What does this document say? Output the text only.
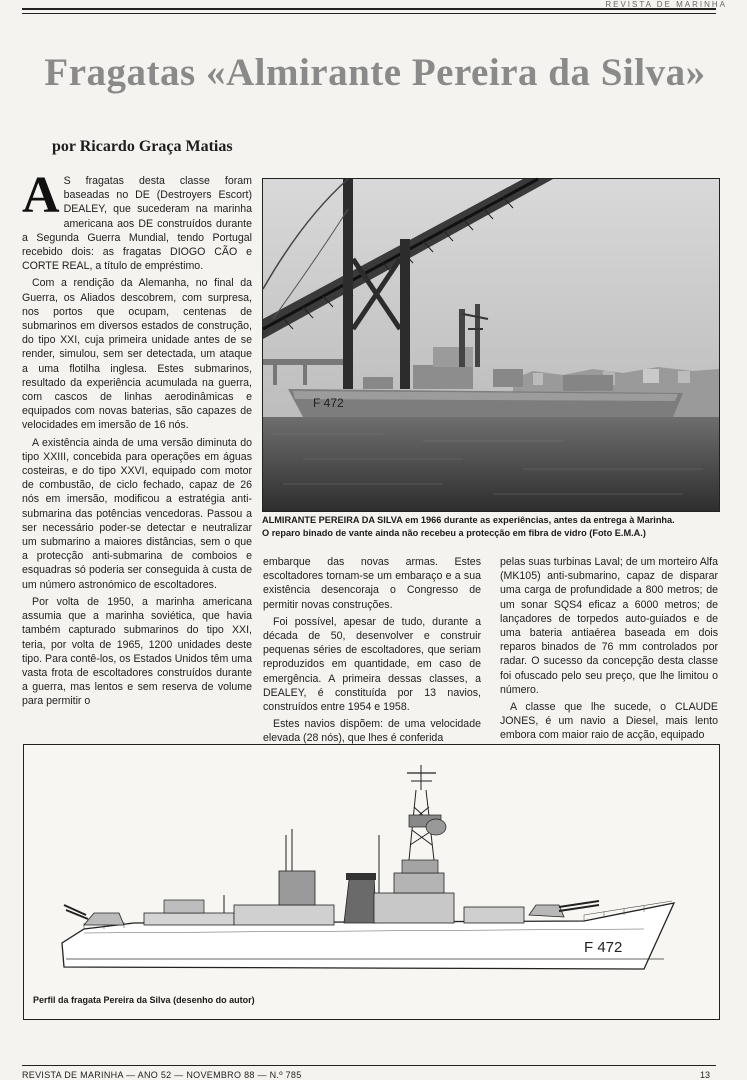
REVISTA DE MARINHA
Fragatas «Almirante Pereira da Silva»
por Ricardo Graça Matias

A S fragatas desta classe foram baseadas no DE (Destroyers Escort) DEALEY, que sucederam na marinha americana aos DE construídos durante a Segunda Guerra Mundial, tendo Portugal recebido dois: as fragatas DIOGO CÃO e CORTE REAL, a título de empréstimo.

Com a rendição da Alemanha, no final da Guerra, os Aliados descobrem, com surpresa, nos portos que ocupam, centenas de submarinos em diversos estados de construção, do tipo XXI, cuja primeira unidade antes de se render, simulou, sem ser detectada, um ataque a uma flotilha inglesa. Estes submarinos, resultado da experiência acumulada na guerra, com cascos de linhas aerodinâmicas e equipados com novas baterias, são capazes de velocidades em imersão de 16 nós.

A existência ainda de uma versão diminuta do tipo XXIII, concebida para operações em águas costeiras, e do tipo XXVI, equipado com motor de combustão, de ciclo fechado, capaz de 26 nós em imersão, modificou a estratégia anti-submarina das potências vencedoras. Passou a ser necessário poder-se detectar e neutralizar um submarino a maiores distâncias, sem o que a protecção anti-submarina de comboios e esquadras só poderia ser conseguida à custa de um número astronómico de escoltadores.

Por volta de 1950, a marinha americana assumia que a marinha soviética, que havia também capturado submarinos do tipo XXI, teria, por volta de 1965, 1200 unidades deste tipo. Para contê-los, os Estados Unidos têm uma vasta frota de escoltadores construídos durante a guerra, mas lentos e sem reserva de volume para permitir o

F 472
ALMIRANTE PEREIRA DA SILVA em 1966 durante as experiências, antes da entrega à Marinha.
O reparo binado de vante ainda não recebeu a protecção em fibra de vidro (Foto E.M.A.)

embarque das novas armas. Estes escoltadores tornam-se um embaraço e a sua existência desencoraja o Congresso de permitir novas construções.

Foi possível, apesar de tudo, durante a década de 50, desenvolver e construir pequenas séries de escoltadores, que seriam reproduzidos em quantidade, em caso de emergência. A primeira dessas classes, a DEALEY, é constituída por 13 navios, construídos entre 1954 e 1958.

Estes navios dispõem: de uma velocidade elevada (28 nós), que lhes é conferida

pelas suas turbinas Laval; de um morteiro Alfa (MK105) anti-submarino, capaz de disparar uma carga de profundidade a 800 metros; de um sonar SQS4 eficaz a 6000 metros; de lançadores de torpedos auto-guiados e de uma bateria antiaérea baseada em dois reparos binados de 76 mm controlados por radar. O sucesso da concepção desta classe foi ofuscado pelo seu preço, que lhe limitou o número.

A classe que lhe sucede, o CLAUDE JONES, é um navio a Diesel, mais lento embora com maior raio de acção, equipado

F 472
Perfil da fragata Pereira da Silva (desenho do autor)
REVISTA DE MARINHA — ANO 52 — NOVEMBRO 88 — N.º 785	13
